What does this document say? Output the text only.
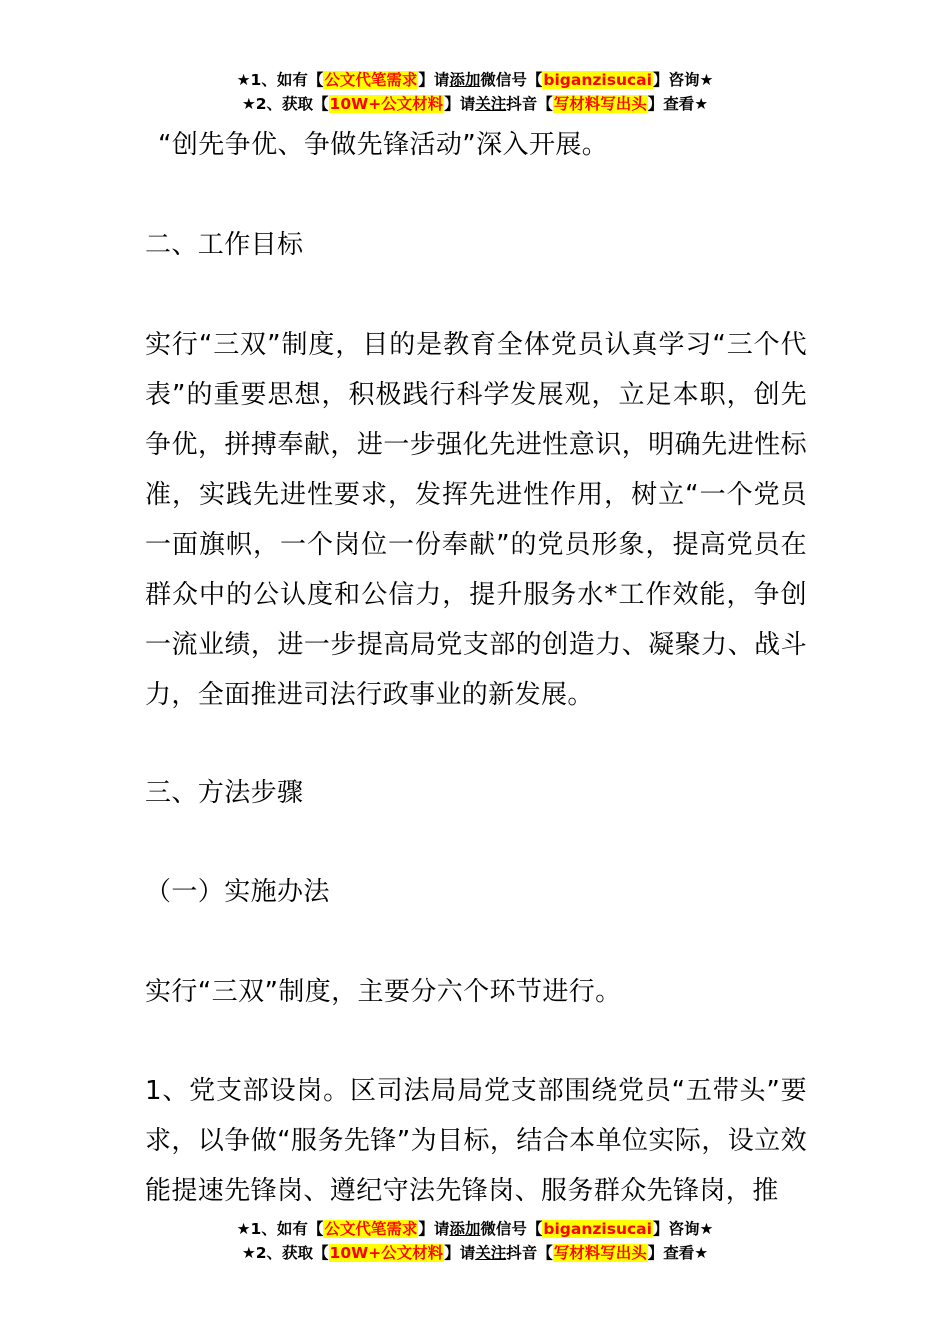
★1、如有【公文代笔需求】请添加微信号【biganzisucai】咨询★
★2、获取【10W+公文材料】请关注抖音【写材料写出头】查看★
“创先争优、争做先锋活动”深入开展。
二、工作目标
实行“三双”制度，目的是教育全体党员认真学习“三个代表”的重要思想，积极践行科学发展观，立足本职，创先争优，拼搏奉献，进一步强化先进性意识，明确先进性标准，实践先进性要求，发挥先进性作用，树立“一个党员一面旗帜，一个岗位一份奉献”的党员形象，提高党员在群众中的公认度和公信力，提升服务水*工作效能，争创一流业绩，进一步提高局党支部的创造力、凝聚力、战斗力，全面推进司法行政事业的新发展。
三、方法步骤
（一）实施办法
实行“三双”制度，主要分六个环节进行。
1、党支部设岗。区司法局局党支部围绕党员“五带头”要求，以争做“服务先锋”为目标，结合本单位实际，设立效能提速先锋岗、遵纪守法先锋岗、服务群众先锋岗，推
★1、如有【公文代笔需求】请添加微信号【biganzisucai】咨询★
★2、获取【10W+公文材料】请关注抖音【写材料写出头】查看★
